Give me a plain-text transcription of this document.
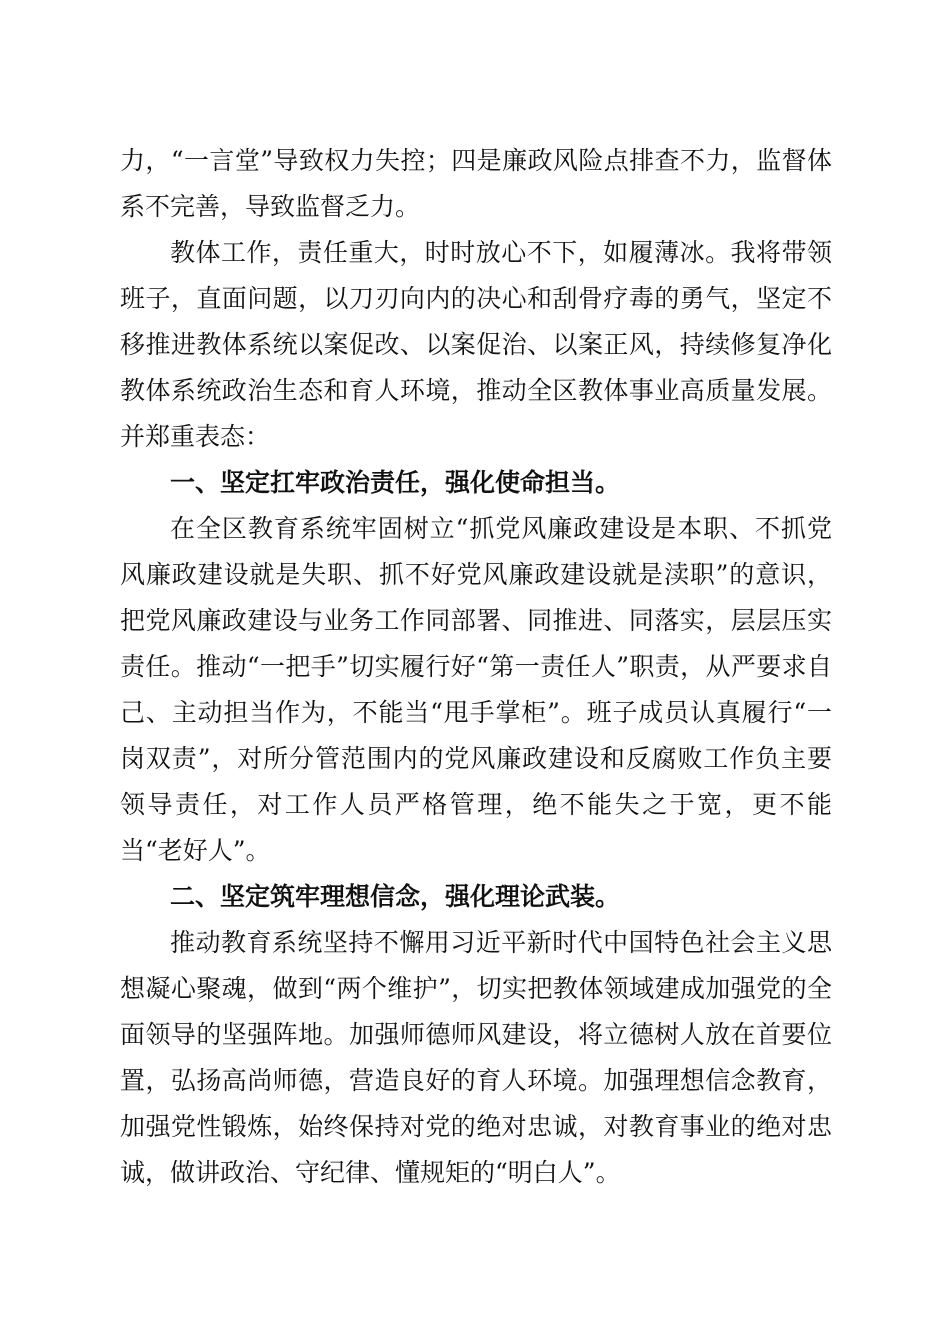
力，“一言堂”导致权力失控；四是廉政风险点排查不力，监督体系不完善，导致监督乏力。

教体工作，责任重大，时时放心不下，如履薄冰。我将带领班子，直面问题，以刀刃向内的决心和刮骨疗毒的勇气，坚定不移推进教体系统以案促改、以案促治、以案正风，持续修复净化教体系统政治生态和育人环境，推动全区教体事业高质量发展。并郑重表态：

一、坚定扛牢政治责任，强化使命担当。

在全区教育系统牢固树立“抓党风廉政建设是本职、不抓党风廉政建设就是失职、抓不好党风廉政建设就是渎职”的意识，把党风廉政建设与业务工作同部署、同推进、同落实，层层压实责任。推动“一把手”切实履行好“第一责任人”职责，从严要求自己、主动担当作为，不能当“甩手掌柜”。班子成员认真履行“一岗双责”，对所分管范围内的党风廉政建设和反腐败工作负主要领导责任，对工作人员严格管理，绝不能失之于宽，更不能当“老好人”。

二、坚定筑牢理想信念，强化理论武装。

推动教育系统坚持不懈用习近平新时代中国特色社会主义思想凝心聚魂，做到“两个维护”，切实把教体领域建成加强党的全面领导的坚强阵地。加强师德师风建设，将立德树人放在首要位置，弘扬高尚师德，营造良好的育人环境。加强理想信念教育，加强党性锻炼，始终保持对党的绝对忠诚，对教育事业的绝对忠诚，做讲政治、守纪律、懂规矩的“明白人”。
